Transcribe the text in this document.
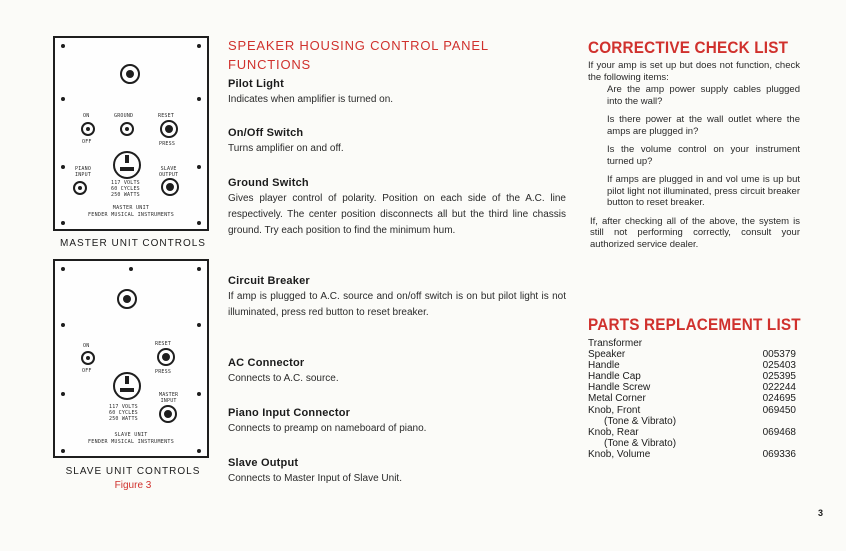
ON
OFF
GROUND	RESET
PRESS
PIANO
INPUT
SLAVE
OUTPUT
117 VOLTS
60 CYCLES
250 WATTS
MASTER UNIT
FENDER MUSICAL INSTRUMENTS
MASTER UNIT CONTROLS
ON
OFF
RESET
PRESS
MASTER
INPUT
117 VOLTS
60 CYCLES
250 WATTS
SLAVE UNIT
FENDER MUSICAL INSTRUMENTS
SLAVE UNIT CONTROLS
Figure 3
SPEAKER HOUSING CONTROL PANEL
FUNCTIONS
Pilot Light

Indicates when amplifier is turned on.

On/Off Switch

Turns amplifier on and off.

Ground Switch

Gives player control of polarity. Position on each side of the A.C. line respectively. The center position disconnects all but the third line chassis ground. Try each position to find the minimum hum.

Circuit Breaker

If amp is plugged to A.C. source and on/off switch is on but pilot light is not illuminated, press red button to reset breaker.

AC Connector

Connects to A.C. source.

Piano Input Connector

Connects to preamp on nameboard of piano.

Slave Output

Connects to Master Input of Slave Unit.

CORRECTIVE CHECK LIST

If your amp is set up but does not function, check the following items:

Are the amp power supply cables plugged into the wall?
Is there power at the wall outlet where the amps are plugged in?
Is the volume control on your instrument turned up?
If amps are plugged in and vol ume is up but pilot light not illuminated, press circuit breaker button to reset breaker.
If, after checking all of the above, the system is still not performing correctly, consult your authorized service dealer.
PARTS REPLACEMENT LIST
Transformer
Speaker	005379
Handle	025403
Handle Cap	025395
Handle Screw	022244
Metal Corner	024695
Knob, Front	069450
(Tone & Vibrato)
Knob, Rear	069468
(Tone & Vibrato)
Knob, Volume	069336
3
